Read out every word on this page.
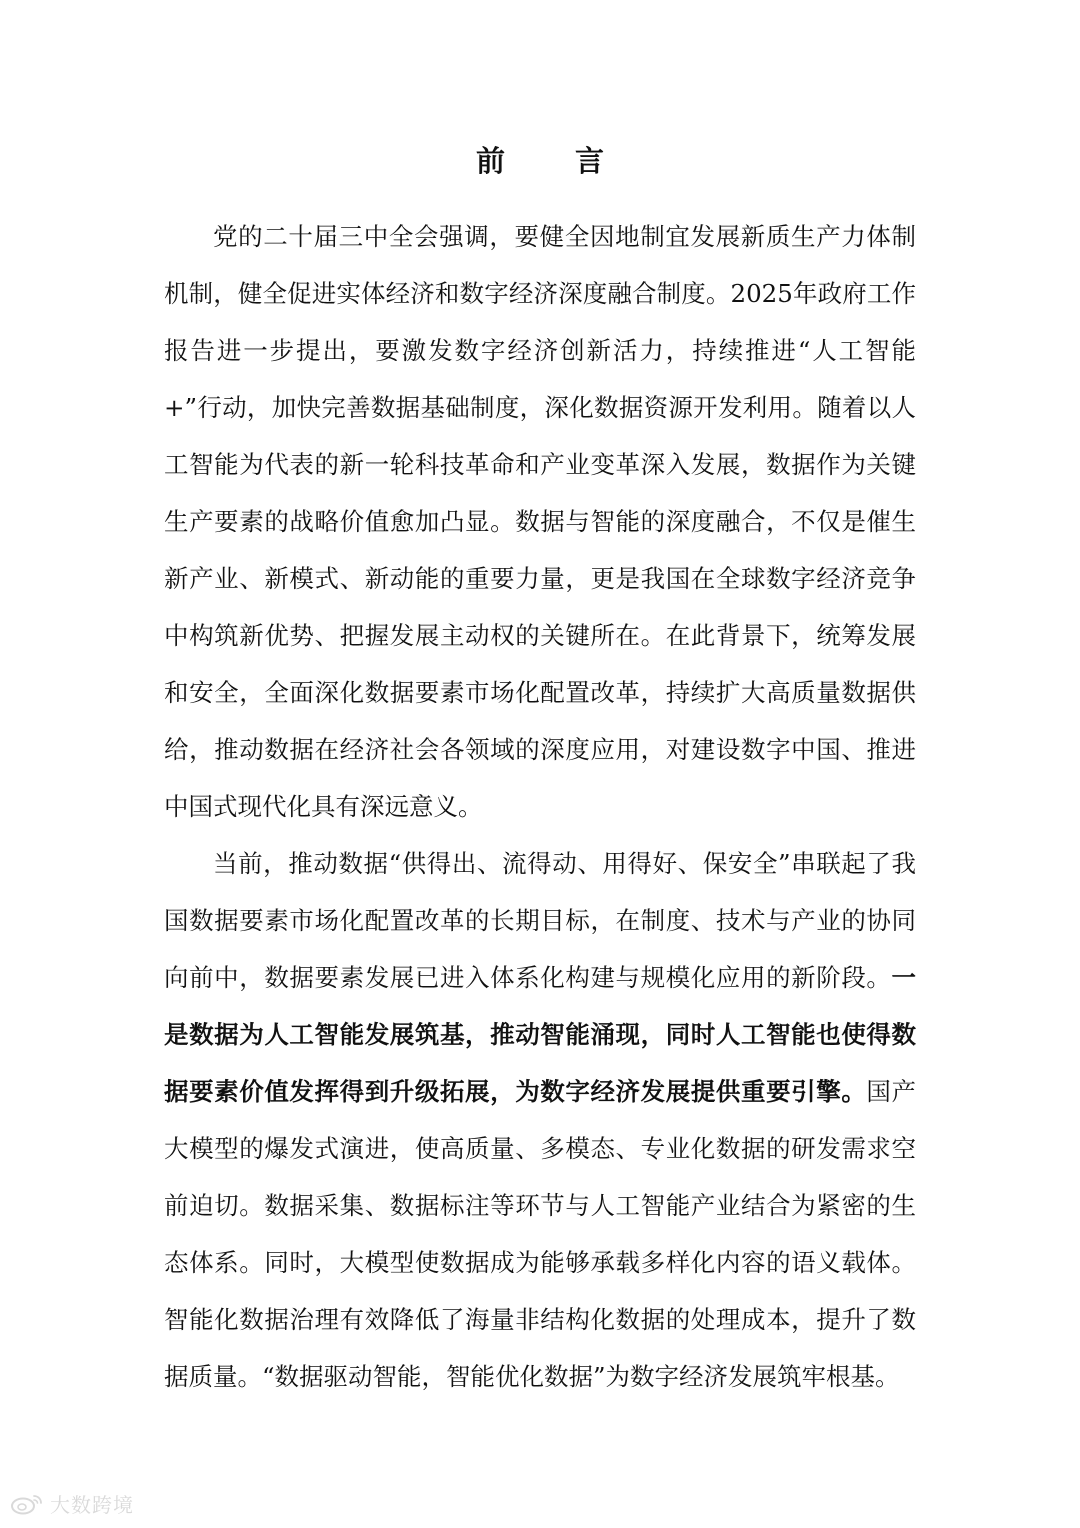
前 言

党的二十届三中全会强调，要健全因地制宜发展新质生产力体制机制，健全促进实体经济和数字经济深度融合制度。2025年政府工作报告进一步提出，要激发数字经济创新活力，持续推进“人工智能+”行动，加快完善数据基础制度，深化数据资源开发利用。随着以人工智能为代表的新一轮科技革命和产业变革深入发展，数据作为关键生产要素的战略价值愈加凸显。数据与智能的深度融合，不仅是催生新产业、新模式、新动能的重要力量，更是我国在全球数字经济竞争中构筑新优势、把握发展主动权的关键所在。在此背景下，统筹发展和安全，全面深化数据要素市场化配置改革，持续扩大高质量数据供给，推动数据在经济社会各领域的深度应用，对建设数字中国、推进中国式现代化具有深远意义。

当前，推动数据“供得出、流得动、用得好、保安全”串联起了我国数据要素市场化配置改革的长期目标，在制度、技术与产业的协同向前中，数据要素发展已进入体系化构建与规模化应用的新阶段。一是数据为人工智能发展筑基，推动智能涌现，同时人工智能也使得数据要素价值发挥得到升级拓展，为数字经济发展提供重要引擎。国产大模型的爆发式演进，使高质量、多模态、专业化数据的研发需求空前迫切。数据采集、数据标注等环节与人工智能产业结合为紧密的生态体系。同时，大模型使数据成为能够承载多样化内容的语义载体。智能化数据治理有效降低了海量非结构化数据的处理成本，提升了数据质量。“数据驱动智能，智能优化数据”为数字经济发展筑牢根基。

大数跨境
